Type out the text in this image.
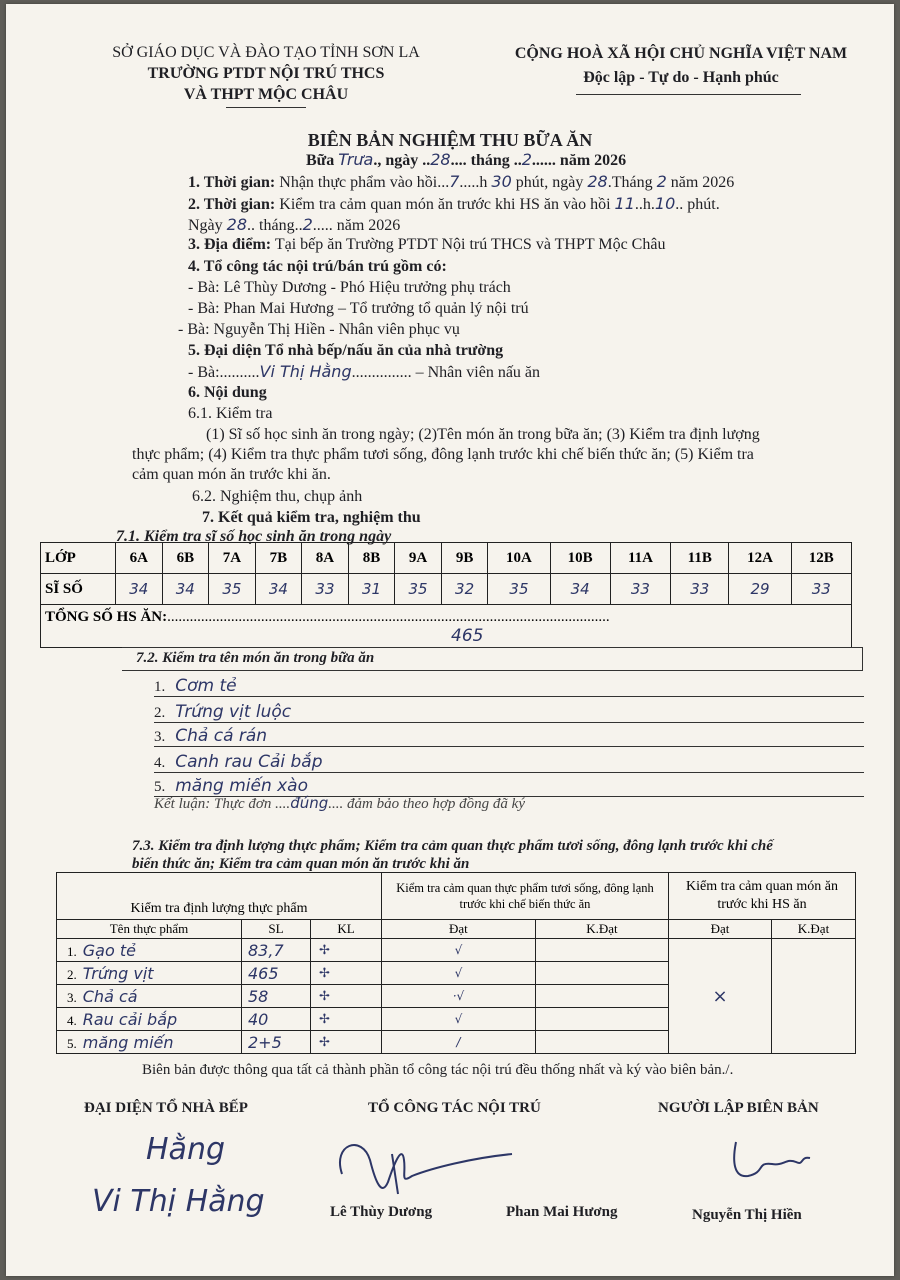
SỞ GIÁO DỤC VÀ ĐÀO TẠO TỈNH SƠN LA
TRƯỜNG PTDT NỘI TRÚ THCS
VÀ THPT MỘC CHÂU
CỘNG HOÀ XÃ HỘI CHỦ NGHĨA VIỆT NAM
Độc lập - Tự do - Hạnh phúc
BIÊN BẢN NGHIỆM THU BỮA ĂN
Bữa Trưa., ngày ..28.... tháng ..2...... năm 2026
1. Thời gian: Nhận thực phẩm vào hồi...7.....h 30 phút, ngày 28.Tháng 2 năm 2026
2. Thời gian: Kiểm tra cảm quan món ăn trước khi HS ăn vào hồi 11..h.10.. phút.
Ngày 28.. tháng..2..... năm 2026
3. Địa điểm: Tại bếp ăn Trường PTDT Nội trú THCS và THPT Mộc Châu
4. Tổ công tác nội trú/bán trú gồm có:
- Bà: Lê Thùy Dương - Phó Hiệu trưởng phụ trách
- Bà: Phan Mai Hương – Tổ trưởng tổ quản lý nội trú
- Bà: Nguyễn Thị Hiền - Nhân viên phục vụ
5. Đại diện Tổ nhà bếp/nấu ăn của nhà trường
- Bà:..........Vi Thị Hằng............... – Nhân viên nấu ăn
6. Nội dung
6.1. Kiểm tra
(1) Sĩ số học sinh ăn trong ngày; (2)Tên món ăn trong bữa ăn; (3) Kiểm tra định lượng
thực phẩm; (4) Kiểm tra thực phẩm tươi sống, đông lạnh trước khi chế biến thức ăn; (5) Kiểm tra
cảm quan món ăn trước khi ăn.
6.2. Nghiệm thu, chụp ảnh
7. Kết quả kiểm tra, nghiệm thu
7.1. Kiểm tra sĩ số học sinh ăn trong ngày
LỚP	6A	6B	7A	7B	8A	8B	9A	9B	10A	10B	11A	11B	12A	12B
SĨ SỐ	34	34	35	34	33	31	35	32	35	34	33	33	29	33

TỔNG SỐ HS ĂN:......................................................................................................................
465														
7.2. Kiểm tra tên món ăn trong bữa ăn
1. Cơm tẻ
2. Trứng vịt luộc
3. Chả cá rán
4. Canh rau Cải bắp
5. măng miến xào
Kết luận: Thực đơn ....đúng.... đảm bảo theo hợp đồng đã ký
7.3. Kiểm tra định lượng thực phẩm; Kiểm tra cảm quan thực phẩm tươi sống, đông lạnh trước khi chế
biến thức ăn; Kiểm tra cảm quan món ăn trước khi ăn
Kiểm tra định lượng thực phẩm			Kiểm tra cảm quan thực phẩm tươi sống, đông lạnh trước khi chế biến thức ăn		Kiểm tra cảm quan món ăn trước khi HS ăn	
Tên thực phẩm	SL	KL	Đạt	K.Đạt	Đạt	K.Đạt
1. Gạo tẻ	83,7	✢	√		×	
2. Trứng vịt	465	✢	√			
3. Chả cá	58	✢	·√			
4. Rau cải bắp	40	✢	√			
5. măng miến	2+5	✢	/			
Biên bản được thông qua tất cả thành phần tổ công tác nội trú đều thống nhất và ký vào biên bản./.
ĐẠI DIỆN TỔ NHÀ BẾP	TỔ CÔNG TÁC NỘI TRÚ	NGƯỜI LẬP BIÊN BẢN
Hằng
Vi Thị Hằng	Lê Thùy Dương	Phan Mai Hương	Nguyễn Thị Hiền
